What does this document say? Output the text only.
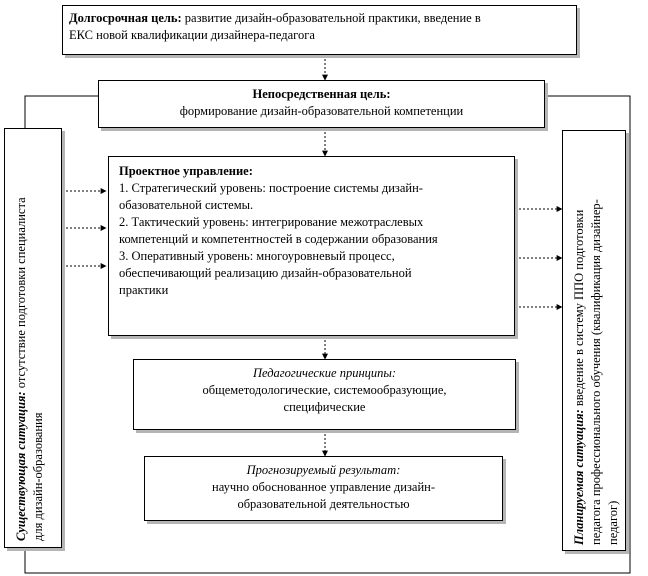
Долгосрочная цель: развитие дизайн-образовательной практики, введение в
ЕКС новой квалификации дизайнера-педагога
Непосредственная цель:
формирование дизайн-образовательной компетенции
Проектное управление:
1. Стратегический уровень: построение системы дизайн-
обазовательной системы.
2. Тактический уровень: интегрирование межотраслевых
компетенций и компетентностей в содержании образования
3. Оперативный уровень: многоуровневый процесс,
обеспечивающий реализацию дизайн-образовательной
практики
Педагогические принципы:
общеметодологические, системообразующие,
специфические
Прогнозируемый результат:
научно обоснованное управление дизайн-
образовательной деятельностью
Существующая ситуация: отсутствие подготовки специалиста
для дизайн-образования	Планируемая ситуация: введение в систему ППО подготовки педагога профессионального обучения (квалификация дизайнер- педагог)
